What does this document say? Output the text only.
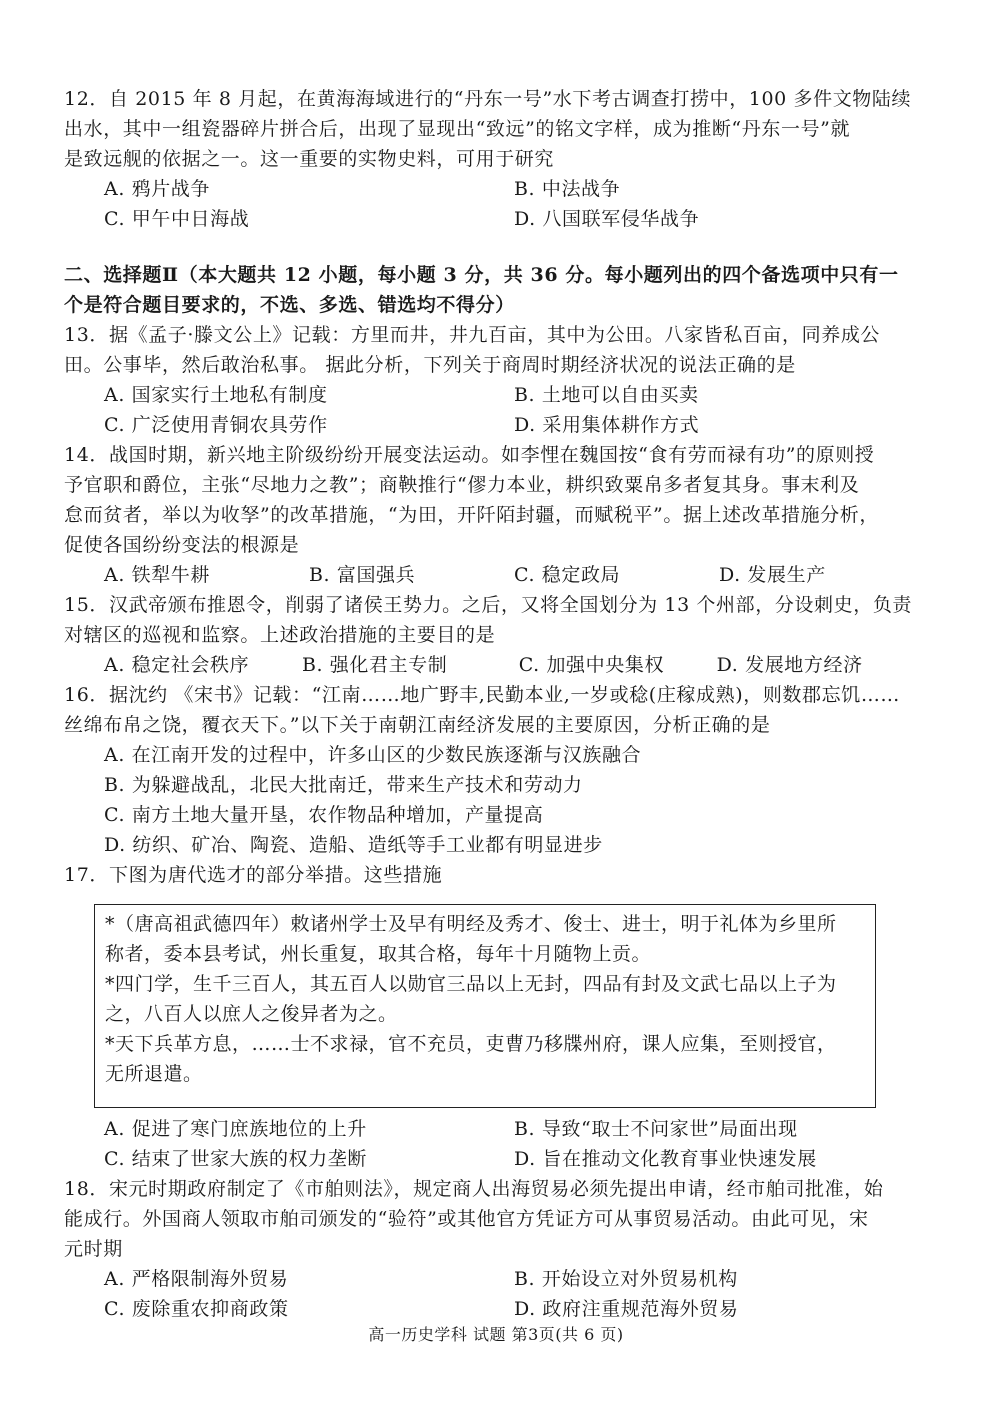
12．自 2015 年 8 月起，在黄海海域进行的“丹东一号”水下考古调查打捞中，100 多件文物陆续
出水，其中一组瓷器碎片拼合后，出现了显现出“致远”的铭文字样，成为推断“丹东一号”就
是致远舰的依据之一。这一重要的实物史料，可用于研究
A. 鸦片战争	B. 中法战争
C. 甲午中日海战	D. 八国联军侵华战争
二、选择题Ⅱ（本大题共 12 小题，每小题 3 分，共 36 分。每小题列出的四个备选项中只有一
个是符合题目要求的，不选、多选、错选均不得分）
13．据《孟子·滕文公上》记载：方里而井，井九百亩，其中为公田。八家皆私百亩，同养成公
田。公事毕，然后敢治私事。 据此分析，下列关于商周时期经济状况的说法正确的是
A. 国家实行土地私有制度	B. 土地可以自由买卖
C. 广泛使用青铜农具劳作	D. 采用集体耕作方式
14．战国时期，新兴地主阶级纷纷开展变法运动。如李悝在魏国按“食有劳而禄有功”的原则授
予官职和爵位，主张“尽地力之教”；商鞅推行“僇力本业，耕织致粟帛多者复其身。事末利及
怠而贫者，举以为收孥”的改革措施，“为田，开阡陌封疆，而赋税平”。据上述改革措施分析，
促使各国纷纷变法的根源是
A. 铁犁牛耕	B. 富国强兵	C. 稳定政局	D. 发展生产
15．汉武帝颁布推恩令，削弱了诸侯王势力。之后，又将全国划分为 13 个州部，分设刺史，负责
对辖区的巡视和监察。上述政治措施的主要目的是
A. 稳定社会秩序	B. 强化君主专制	C. 加强中央集权	D. 发展地方经济
16．据沈约 《宋书》记载：“江南……地广野丰,民勤本业,一岁或稔(庄稼成熟)，则数郡忘饥……
丝绵布帛之饶，覆衣天下。”以下关于南朝江南经济发展的主要原因，分析正确的是
A. 在江南开发的过程中，许多山区的少数民族逐渐与汉族融合
B. 为躲避战乱，北民大批南迁，带来生产技术和劳动力
C. 南方土地大量开垦，农作物品种增加，产量提高
D. 纺织、矿冶、陶瓷、造船、造纸等手工业都有明显进步
17．下图为唐代选才的部分举措。这些措施
*（唐高祖武德四年）敕诸州学士及早有明经及秀才、俊士、进士，明于礼体为乡里所
称者，委本县考试，州长重复，取其合格，每年十月随物上贡。
*四门学，生千三百人，其五百人以勋官三品以上无封，四品有封及文武七品以上子为
之，八百人以庶人之俊异者为之。
*天下兵革方息，……士不求禄，官不充员，吏曹乃移牒州府，课人应集，至则授官，
无所退遣。
A. 促进了寒门庶族地位的上升	B. 导致“取士不问家世”局面出现
C. 结束了世家大族的权力垄断	D. 旨在推动文化教育事业快速发展
18．宋元时期政府制定了《市舶则法》，规定商人出海贸易必须先提出申请，经市舶司批准，始
能成行。外国商人领取市舶司颁发的“验符”或其他官方凭证方可从事贸易活动。由此可见，宋
元时期
A. 严格限制海外贸易	B. 开始设立对外贸易机构
C. 废除重农抑商政策	D. 政府注重规范海外贸易
高一历史学科 试题 第3页(共 6 页)
